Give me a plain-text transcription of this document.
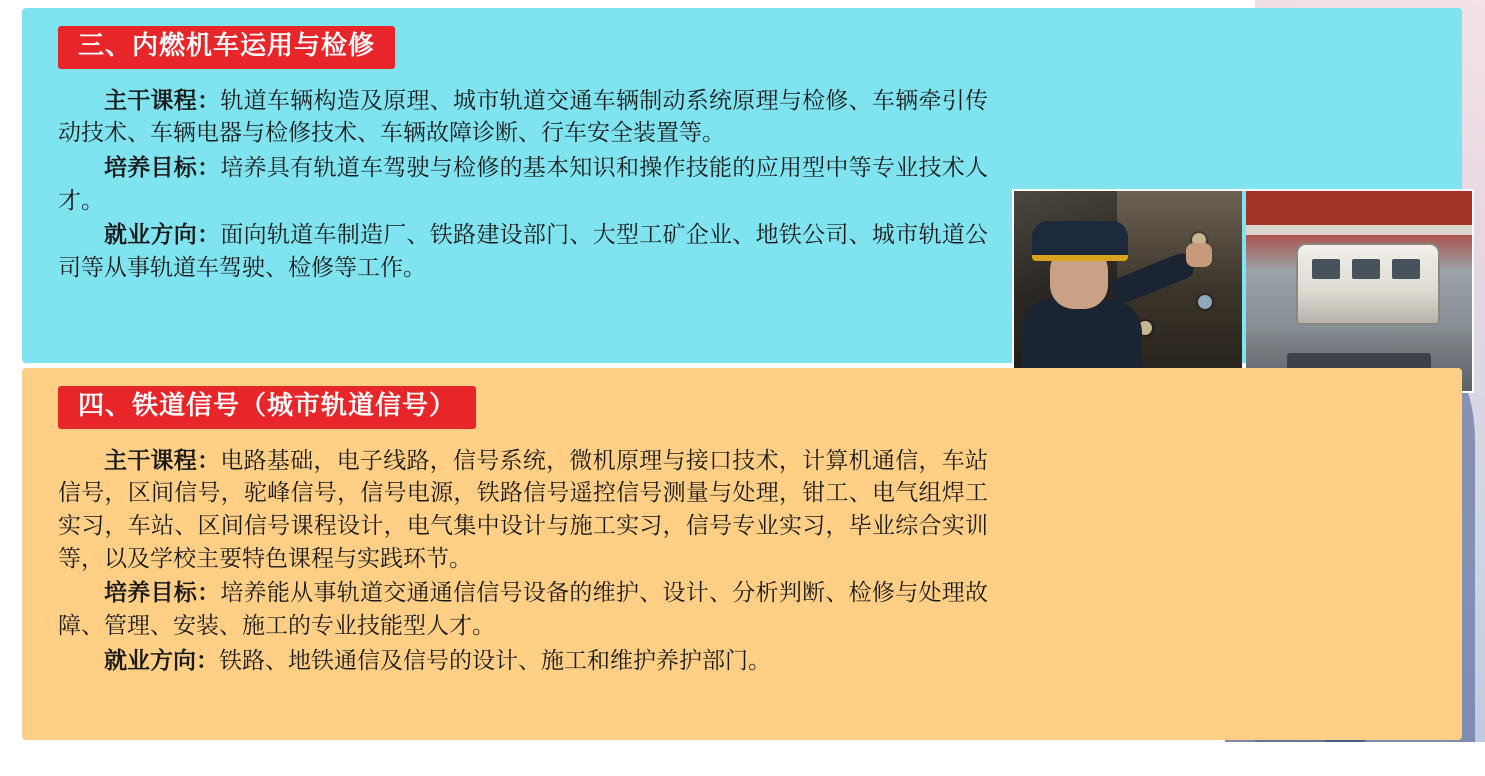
三、内燃机车运用与检修

主干课程：轨道车辆构造及原理、城市轨道交通车辆制动系统原理与检修、车辆牵引传动技术、车辆电器与检修技术、车辆故障诊断、行车安全装置等。

培养目标：培养具有轨道车驾驶与检修的基本知识和操作技能的应用型中等专业技术人才。

就业方向：面向轨道车制造厂、铁路建设部门、大型工矿企业、地铁公司、城市轨道公司等从事轨道车驾驶、检修等工作。

四、铁道信号（城市轨道信号）

主干课程：电路基础，电子线路，信号系统，微机原理与接口技术，计算机通信，车站信号，区间信号，驼峰信号，信号电源，铁路信号遥控信号测量与处理，钳工、电气组焊工实习，车站、区间信号课程设计，电气集中设计与施工实习，信号专业实习，毕业综合实训等，以及学校主要特色课程与实践环节。

培养目标：培养能从事轨道交通通信信号设备的维护、设计、分析判断、检修与处理故障、管理、安装、施工的专业技能型人才。

就业方向：铁路、地铁通信及信号的设计、施工和维护养护部门。
